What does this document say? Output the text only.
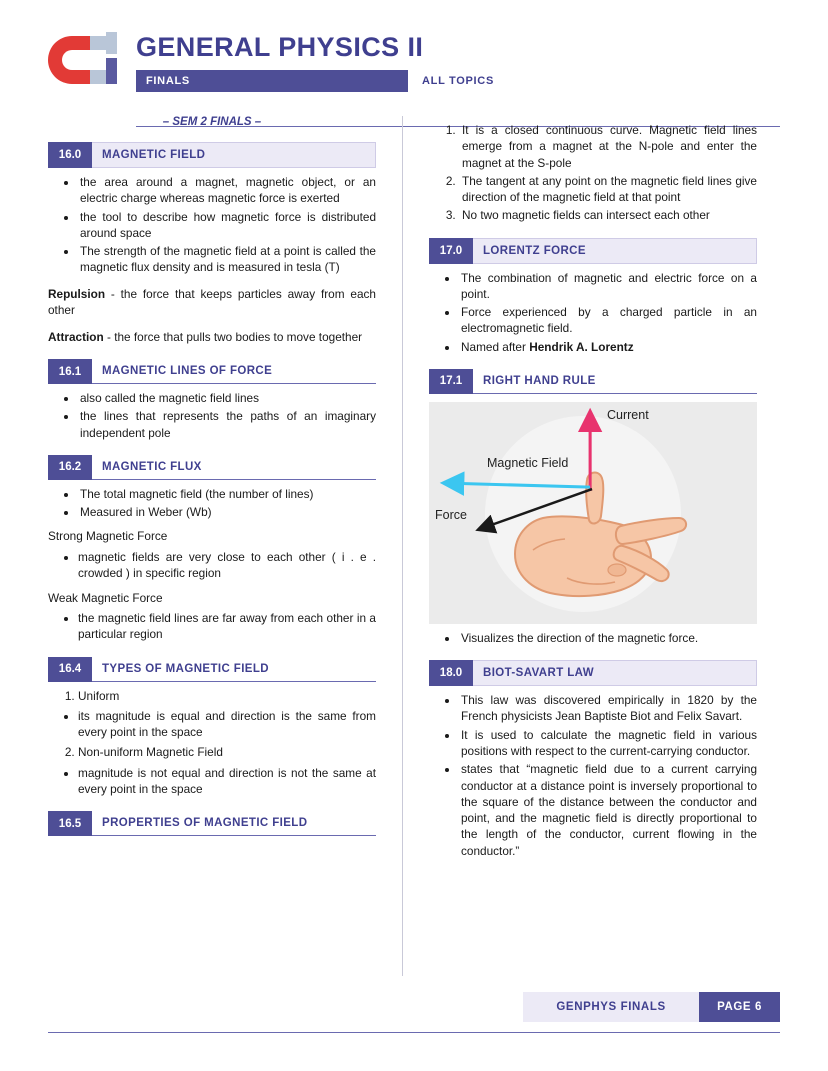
GENERAL PHYSICS II
FINALS	ALL TOPICS
– SEM 2 FINALS –
16.0	MAGNETIC FIELD
• the area around a magnet, magnetic object, or an electric charge whereas magnetic force is exerted
• the tool to describe how magnetic force is distributed around space
• The strength of the magnetic field at a point is called the magnetic flux density and is measured in tesla (T)
Repulsion - the force that keeps particles away from each other
Attraction - the force that pulls two bodies to move together
16.1	MAGNETIC LINES OF FORCE
• also called the magnetic field lines
• the lines that represents the paths of an imaginary independent pole
16.2	MAGNETIC FLUX
• The total magnetic field (the number of lines)
• Measured in Weber (Wb)
Strong Magnetic Force
• magnetic fields are very close to each other ( i . e . crowded ) in specific region
Weak Magnetic Force
• the magnetic field lines are far away from each other in a particular region
16.4	TYPES OF MAGNETIC FIELD
1. Uniform
• its magnitude is equal and direction is the same from every point in the space
2. Non-uniform Magnetic Field
• magnitude is not equal and direction is not the same at every point in the space
16.5	PROPERTIES OF MAGNETIC FIELD
1. It is a closed continuous curve. Magnetic field lines emerge from a magnet at the N-pole and enter the magnet at the S-pole
2. The tangent at any point on the magnetic field lines give direction of the magnetic field at that point
3. No two magnetic fields can intersect each other
17.0	LORENTZ FORCE
• The combination of magnetic and electric force on a point.
• Force experienced by a charged particle in an electromagnetic field.
• Named after Hendrik A. Lorentz
17.1	RIGHT HAND RULE
Current
Magnetic Field
Force
• Visualizes the direction of the magnetic force.
18.0	BIOT-SAVART LAW
• This law was discovered empirically in 1820 by the French physicists Jean Baptiste Biot and Felix Savart.
• It is used to calculate the magnetic field in various positions with respect to the current-carrying conductor.
• states that “magnetic field due to a current carrying conductor at a distance point is inversely proportional to the square of the distance between the conductor and point, and the magnetic field is directly proportional to the length of the conductor, current flowing in the conductor.”
GENPHYS FINALS	PAGE 6
